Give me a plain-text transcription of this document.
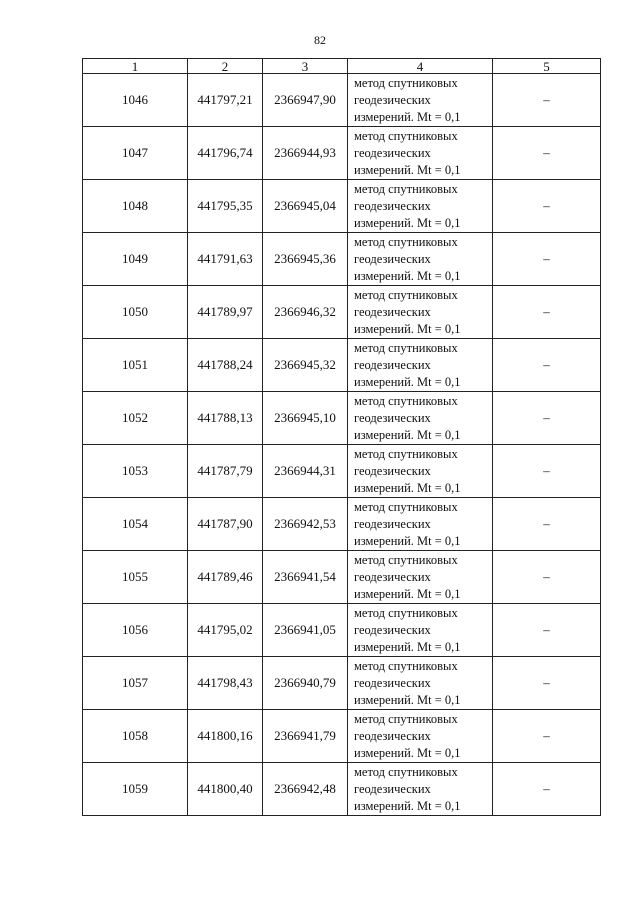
82
1	2	3	4	5
1046	441797,21	2366947,90	метод спутниковых
геодезических
измерений. Mt = 0,1	–
1047	441796,74	2366944,93	метод спутниковых
геодезических
измерений. Mt = 0,1	–
1048	441795,35	2366945,04	метод спутниковых
геодезических
измерений. Mt = 0,1	–
1049	441791,63	2366945,36	метод спутниковых
геодезических
измерений. Mt = 0,1	–
1050	441789,97	2366946,32	метод спутниковых
геодезических
измерений. Mt = 0,1	–
1051	441788,24	2366945,32	метод спутниковых
геодезических
измерений. Mt = 0,1	–
1052	441788,13	2366945,10	метод спутниковых
геодезических
измерений. Mt = 0,1	–
1053	441787,79	2366944,31	метод спутниковых
геодезических
измерений. Mt = 0,1	–
1054	441787,90	2366942,53	метод спутниковых
геодезических
измерений. Mt = 0,1	–
1055	441789,46	2366941,54	метод спутниковых
геодезических
измерений. Mt = 0,1	–
1056	441795,02	2366941,05	метод спутниковых
геодезических
измерений. Mt = 0,1	–
1057	441798,43	2366940,79	метод спутниковых
геодезических
измерений. Mt = 0,1	–
1058	441800,16	2366941,79	метод спутниковых
геодезических
измерений. Mt = 0,1	–
1059	441800,40	2366942,48	метод спутниковых
геодезических
измерений. Mt = 0,1	–
